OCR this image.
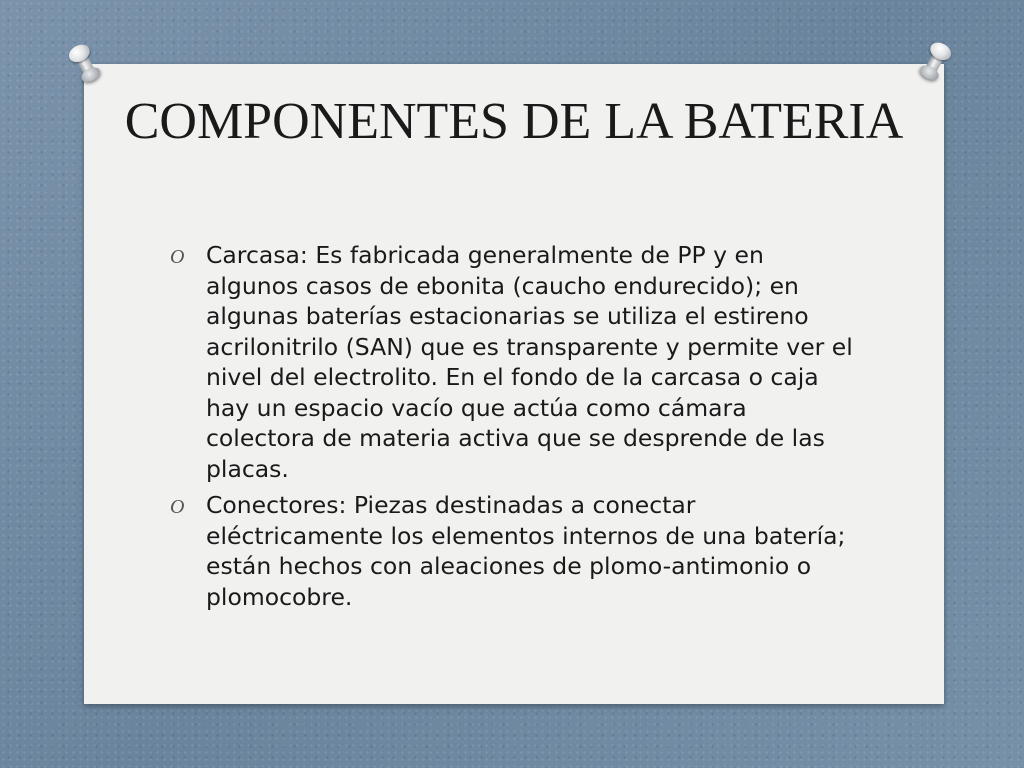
COMPONENTES DE LA BATERIA
O Carcasa: Es fabricada generalmente de PP y en algunos casos de ebonita (caucho endurecido); en algunas baterías estacionarias se utiliza el estireno acrilonitrilo (SAN) que es transparente y permite ver el nivel del electrolito. En el fondo de la carcasa o caja hay un espacio vacío que actúa como cámara colectora de materia activa que se desprende de las placas.
O Conectores: Piezas destinadas a conectar eléctricamente los elementos internos de una batería; están hechos con aleaciones de plomo-antimonio o plomocobre.
